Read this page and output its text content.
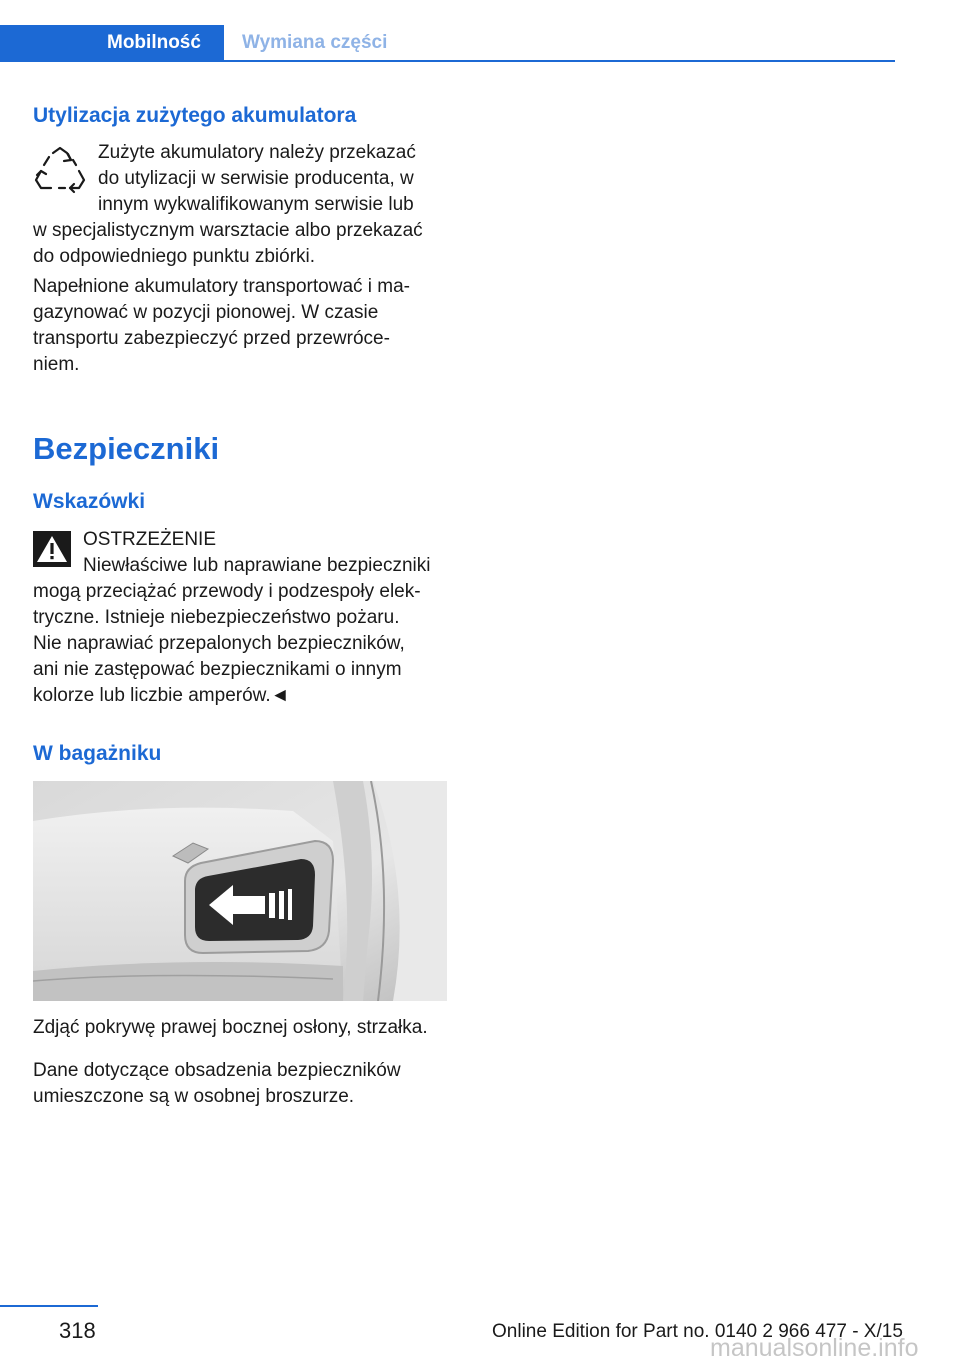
Mobilność Wymiana części
Utylizacja zużytego akumulatora

Zużyte akumulatory należy przekazać
do utylizacji w serwisie producenta, w
innym wykwalifikowanym serwisie lub
w specjalistycznym warsztacie albo przekazać
do odpowiedniego punktu zbiórki.

Napełnione akumulatory transportować i ma‐
gazynować w pozycji pionowej. W czasie
transportu zabezpieczyć przed przewróce‐
niem.

Bezpieczniki
Wskazówki

OSTRZEŻENIE
Niewłaściwe lub naprawiane bezpieczniki
mogą przeciążać przewody i podzespoły elek‐
tryczne. Istnieje niebezpieczeństwo pożaru.
Nie naprawiać przepalonych bezpieczników,
ani nie zastępować bezpiecznikami o innym
kolorze lub liczbie amperów.◄

W bagażniku

Zdjąć pokrywę prawej bocznej osłony, strzałka.

Dane dotyczące obsadzenia bezpieczników
umieszczone są w osobnej broszurze.

318	Online Edition for Part no. 0140 2 966 477 - X/15
manualsonline.info
